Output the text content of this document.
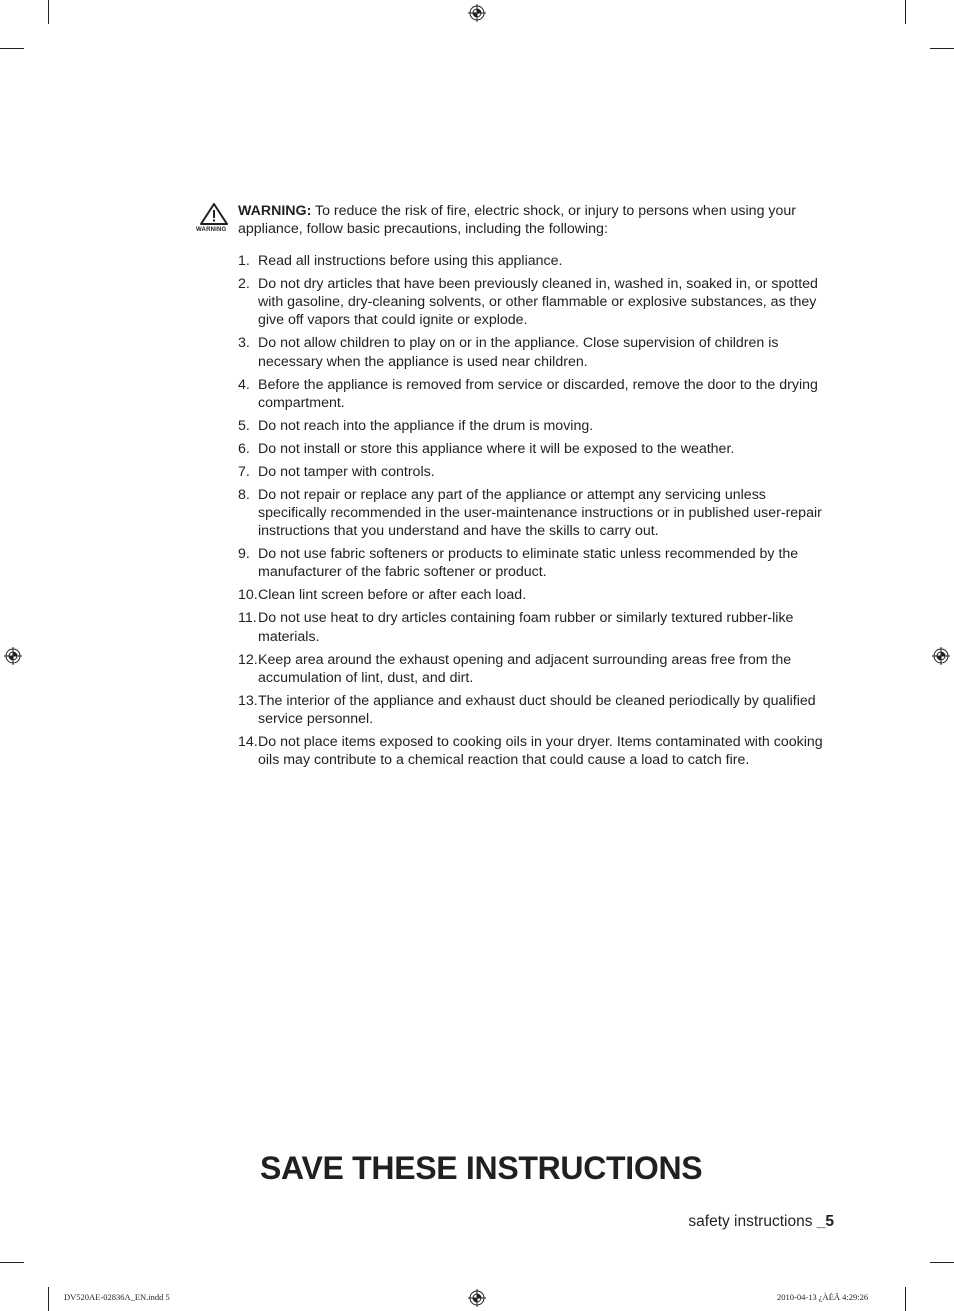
WARNING
WARNING: To reduce the risk of fire, electric shock, or injury to persons when using your appliance, follow basic precautions, including the following:
1. Read all instructions before using this appliance.
2. Do not dry articles that have been previously cleaned in, washed in, soaked in, or spotted with gasoline, dry-cleaning solvents, or other flammable or explosive substances, as they give off vapors that could ignite or explode.
3. Do not allow children to play on or in the appliance. Close supervision of children is necessary when the appliance is used near children.
4. Before the appliance is removed from service or discarded, remove the door to the drying compartment.
5. Do not reach into the appliance if the drum is moving.
6. Do not install or store this appliance where it will be exposed to the weather.
7. Do not tamper with controls.
8. Do not repair or replace any part of the appliance or attempt any servicing unless specifically recommended in the user-maintenance instructions or in published user-repair instructions that you understand and have the skills to carry out.
9. Do not use fabric softeners or products to eliminate static unless recommended by the manufacturer of the fabric softener or product.
10. Clean lint screen before or after each load.
11. Do not use heat to dry articles containing foam rubber or similarly textured rubber-like materials.
12. Keep area around the exhaust opening and adjacent surrounding areas free from the accumulation of lint, dust, and dirt.
13. The interior of the appliance and exhaust duct should be cleaned periodically by qualified service personnel.
14. Do not place items exposed to cooking oils in your dryer. Items contaminated with cooking oils may contribute to a chemical reaction that could cause a load to catch fire.
SAVE THESE INSTRUCTIONS
safety instructions _5
DV520AE-02836A_EN.indd 5	2010-04-13 ¿ÀÈÄ 4:29:26
